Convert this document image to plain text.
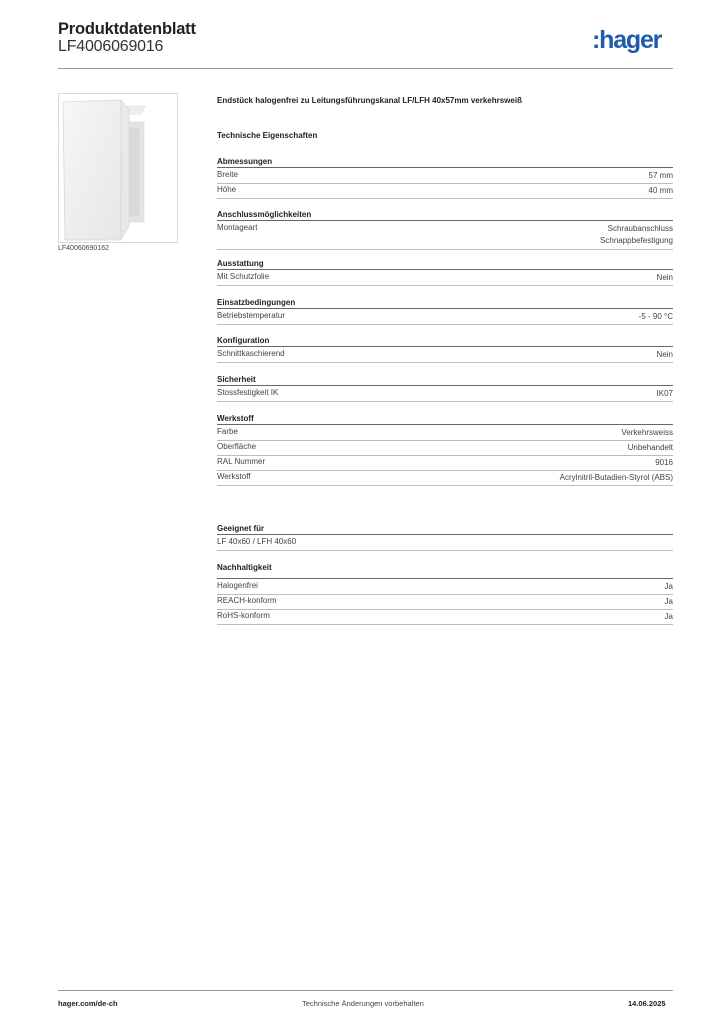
Produktdatenblatt
LF4006069016	:hager
LF40060690162
Endstück halogenfrei zu Leitungsführungskanal LF/LFH 40x57mm verkehrsweiß
Technische Eigenschaften
Abmessungen
Breite	57 mm
Höhe	40 mm
Anschlussmöglichkeiten
Montageart	Schraubanschluss
Schnappbefestigung
Ausstattung
Mit Schutzfolie	Nein
Einsatzbedingungen
Betriebstemperatur	-5 - 90 °C
Konfiguration
Schnittkaschierend	Nein
Sicherheit
Stossfestigkeit IK	IK07
Werkstoff
Farbe	Verkehrsweiss
Oberfläche	Unbehandelt
RAL Nummer	9016
Werkstoff	Acrylnitril-Butadien-Styrol (ABS)
Geeignet für
LF 40x60 / LFH 40x60
Nachhaltigkeit
Halogenfrei	Ja
REACH-konform	Ja
RoHS-konform	Ja
hager.com/de-ch	Technische Änderungen vorbehalten	14.06.2025
